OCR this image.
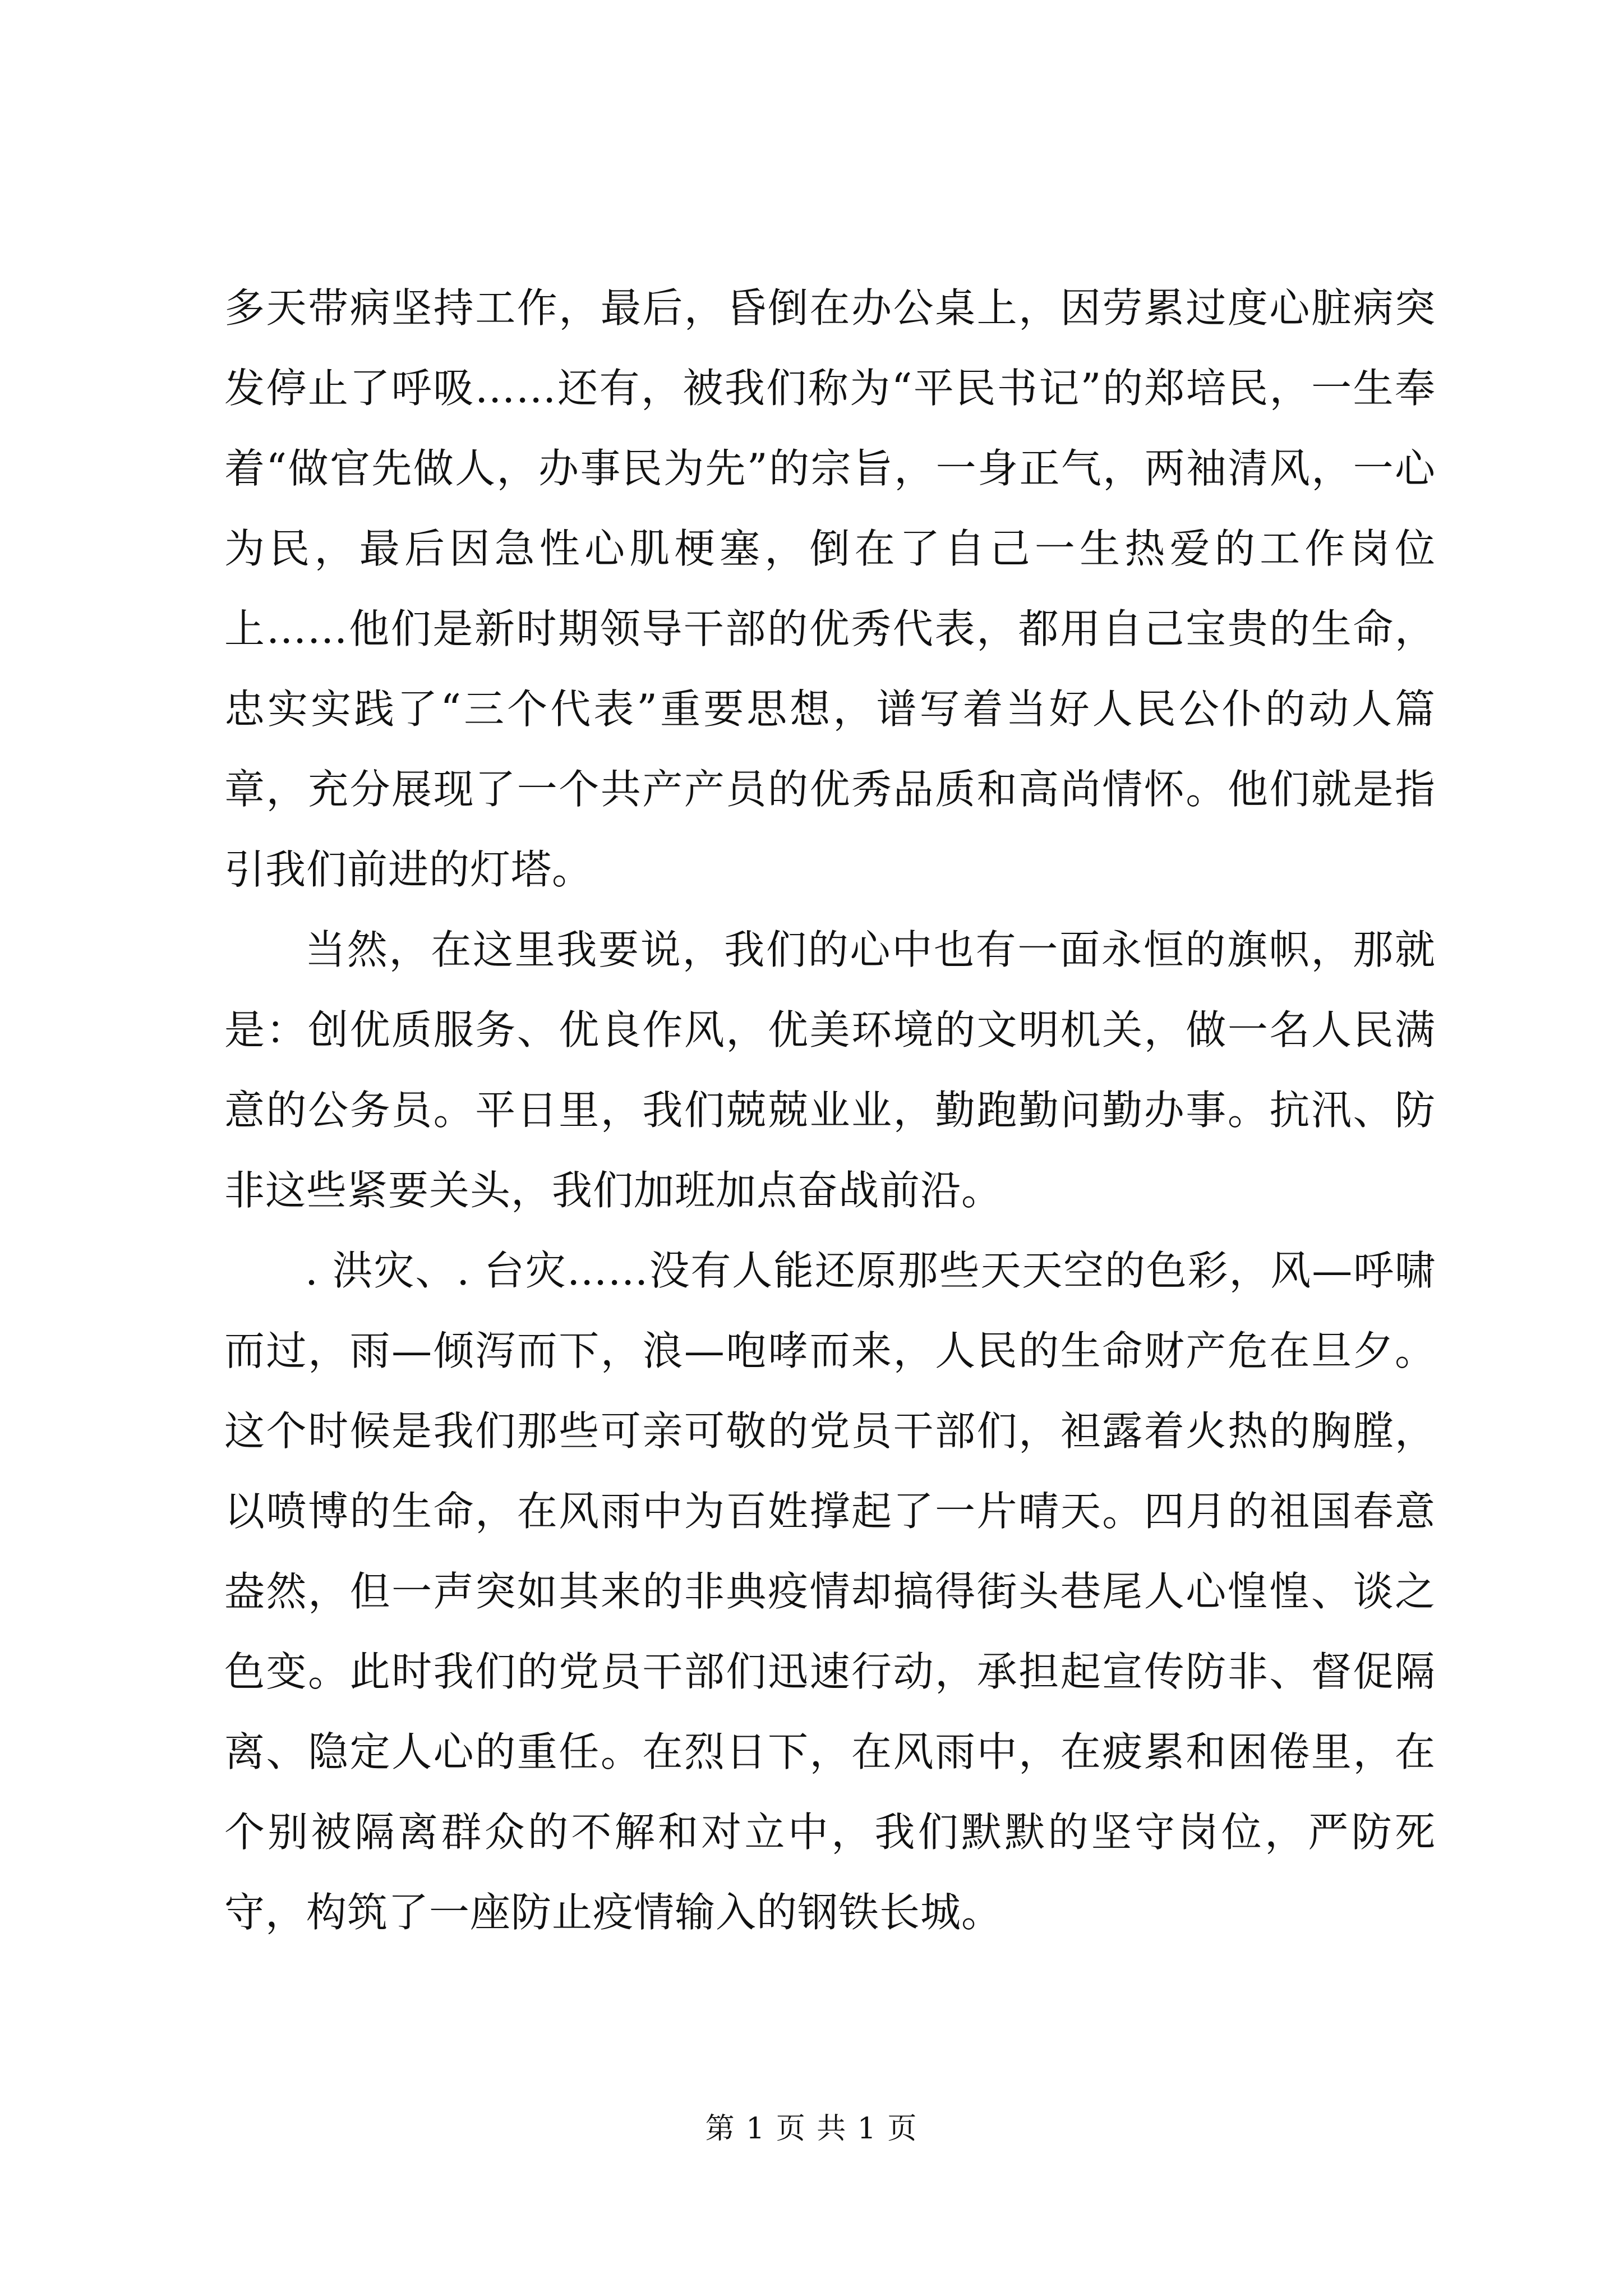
多天带病坚持工作，最后，昏倒在办公桌上，因劳累过度心脏病突发停止了呼吸……还有，被我们称为“平民书记”的郑培民，一生奉着“做官先做人，办事民为先”的宗旨，一身正气，两袖清风，一心为民，最后因急性心肌梗塞，倒在了自己一生热爱的工作岗位上……他们是新时期领导干部的优秀代表，都用自己宝贵的生命，忠实实践了“三个代表”重要思想，谱写着当好人民公仆的动人篇章，充分展现了一个共产产员的优秀品质和高尚情怀。他们就是指引我们前进的灯塔。

当然，在这里我要说，我们的心中也有一面永恒的旗帜，那就是：创优质服务、优良作风，优美环境的文明机关，做一名人民满意的公务员。平日里，我们兢兢业业，勤跑勤问勤办事。抗汛、防非这些紧要关头，我们加班加点奋战前沿。

. 洪灾、. 台灾……没有人能还原那些天天空的色彩，风—呼啸而过，雨—倾泻而下，浪—咆哮而来，人民的生命财产危在旦夕。这个时候是我们那些可亲可敬的党员干部们，袒露着火热的胸膛，以喷博的生命，在风雨中为百姓撑起了一片晴天。四月的祖国春意盎然，但一声突如其来的非典疫情却搞得街头巷尾人心惶惶、谈之色变。此时我们的党员干部们迅速行动，承担起宣传防非、督促隔离、隐定人心的重任。在烈日下，在风雨中，在疲累和困倦里，在个别被隔离群众的不解和对立中，我们默默的坚守岗位，严防死守，构筑了一座防止疫情输入的钢铁长城。

第 1 页 共 1 页
